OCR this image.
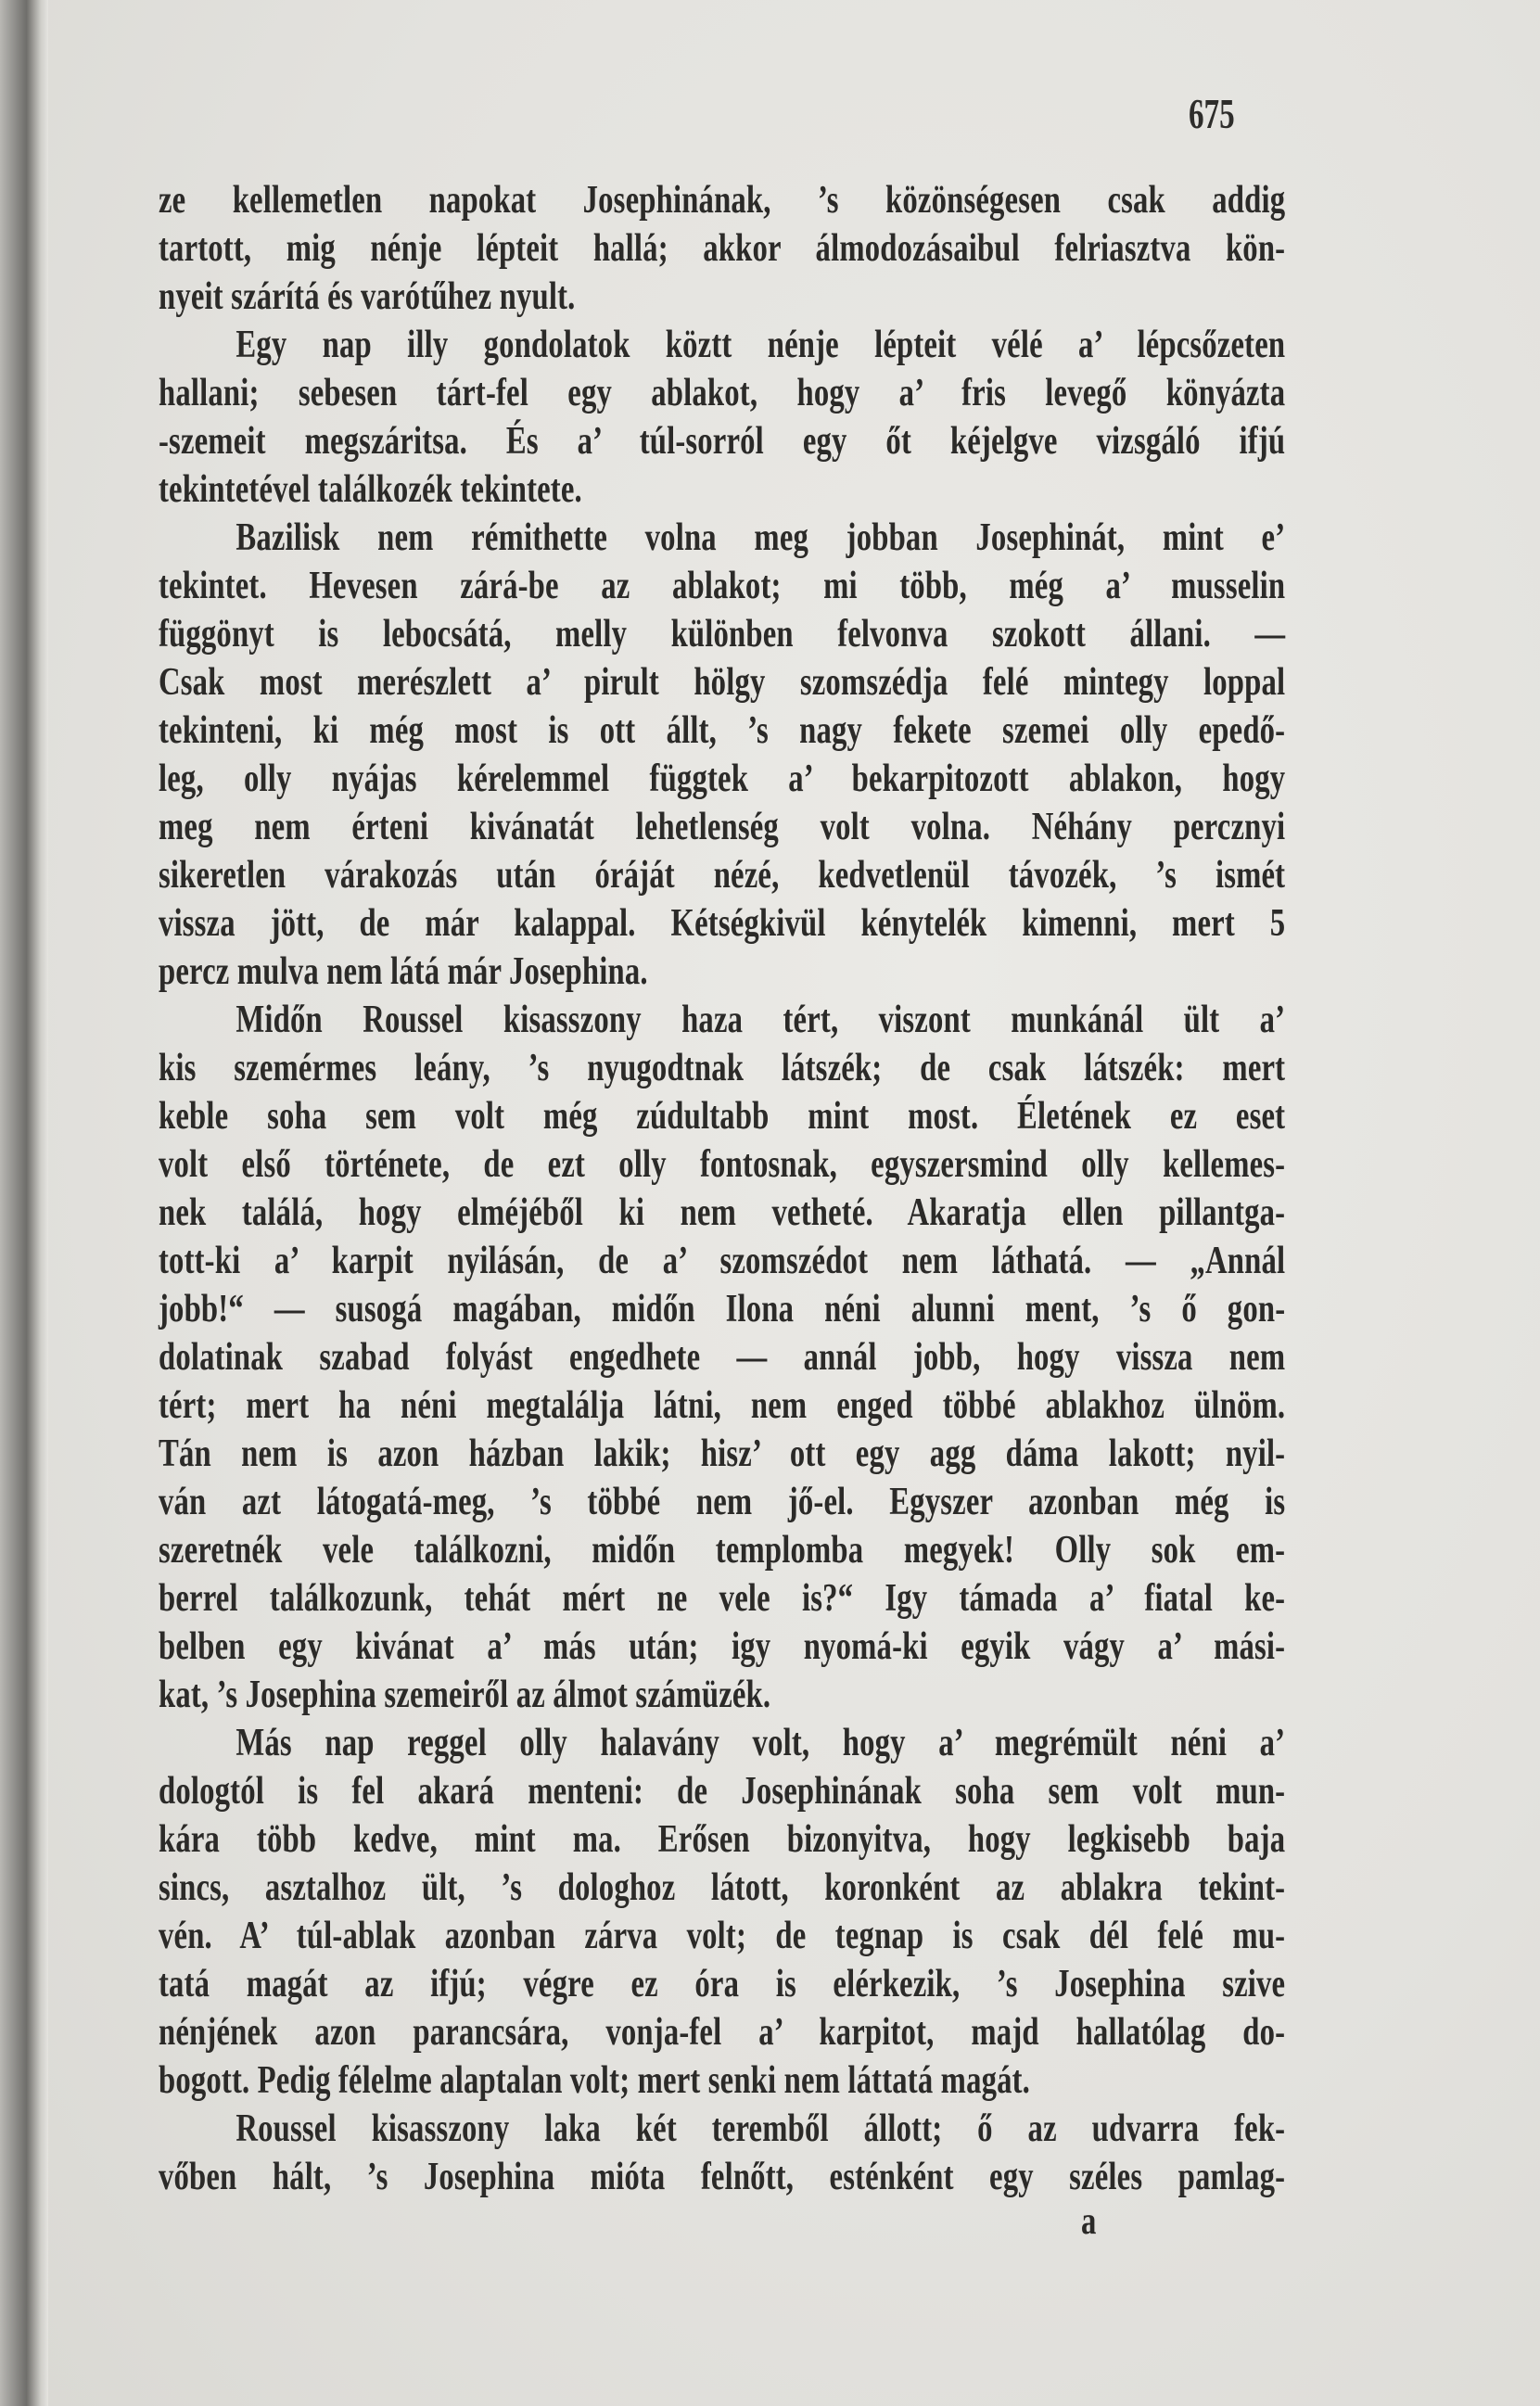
675
ze kellemetlen napokat Josephinának, ’s közönségesen csak addig
tartott, mig nénje lépteit hallá; akkor álmodozásaibul felriasztva kön-
nyeit szárítá és varótűhez nyult.
Egy nap illy gondolatok köztt nénje lépteit vélé a’ lépcsőzeten
hallani; sebesen tárt-fel egy ablakot, hogy a’ fris levegő könyázta
-szemeit megszáritsa. És a’ túl-sorról egy őt kéjelgve vizsgáló ifjú
tekintetével találkozék tekintete.
Bazilisk nem rémithette volna meg jobban Josephinát, mint e’
tekintet. Hevesen zárá-be az ablakot; mi több, még a’ musselin
függönyt is lebocsátá, melly különben felvonva szokott állani. —
Csak most merészlett a’ pirult hölgy szomszédja felé mintegy loppal
tekinteni, ki még most is ott állt, ’s nagy fekete szemei olly epedő-
leg, olly nyájas kérelemmel függtek a’ bekarpitozott ablakon, hogy
meg nem érteni kivánatát lehetlenség volt volna. Néhány percznyi
sikeretlen várakozás után óráját nézé, kedvetlenül távozék, ’s ismét
vissza jött, de már kalappal. Kétségkivül kénytelék kimenni, mert 5
percz mulva nem látá már Josephina.
Midőn Roussel kisasszony haza tért, viszont munkánál ült a’
kis szemérmes leány, ’s nyugodtnak látszék; de csak látszék: mert
keble soha sem volt még zúdultabb mint most. Életének ez eset
volt első története, de ezt olly fontosnak, egyszersmind olly kellemes-
nek találá, hogy elméjéből ki nem vetheté. Akaratja ellen pillantga-
tott-ki a’ karpit nyilásán, de a’ szomszédot nem láthatá. — „Annál
jobb!“ — susogá magában, midőn Ilona néni alunni ment, ’s ő gon-
dolatinak szabad folyást engedhete — annál jobb, hogy vissza nem
tért; mert ha néni megtalálja látni, nem enged többé ablakhoz ülnöm.
Tán nem is azon házban lakik; hisz’ ott egy agg dáma lakott; nyil-
ván azt látogatá-meg, ’s többé nem jő-el. Egyszer azonban még is
szeretnék vele találkozni, midőn templomba megyek! Olly sok em-
berrel találkozunk, tehát mért ne vele is?“ Igy támada a’ fiatal ke-
belben egy kivánat a’ más után; igy nyomá-ki egyik vágy a’ mási-
kat, ’s Josephina szemeiről az álmot számüzék.
Más nap reggel olly halavány volt, hogy a’ megrémült néni a’
dologtól is fel akará menteni: de Josephinának soha sem volt mun-
kára több kedve, mint ma. Erősen bizonyitva, hogy legkisebb baja
sincs, asztalhoz ült, ’s dologhoz látott, koronként az ablakra tekint-
vén. A’ túl-ablak azonban zárva volt; de tegnap is csak dél felé mu-
tatá magát az ifjú; végre ez óra is elérkezik, ’s Josephina szive
nénjének azon parancsára, vonja-fel a’ karpitot, majd hallatólag do-
bogott. Pedig félelme alaptalan volt; mert senki nem láttatá magát.
Roussel kisasszony laka két teremből állott; ő az udvarra fek-
vőben hált, ’s Josephina mióta felnőtt, esténként egy széles pamlag-
a
